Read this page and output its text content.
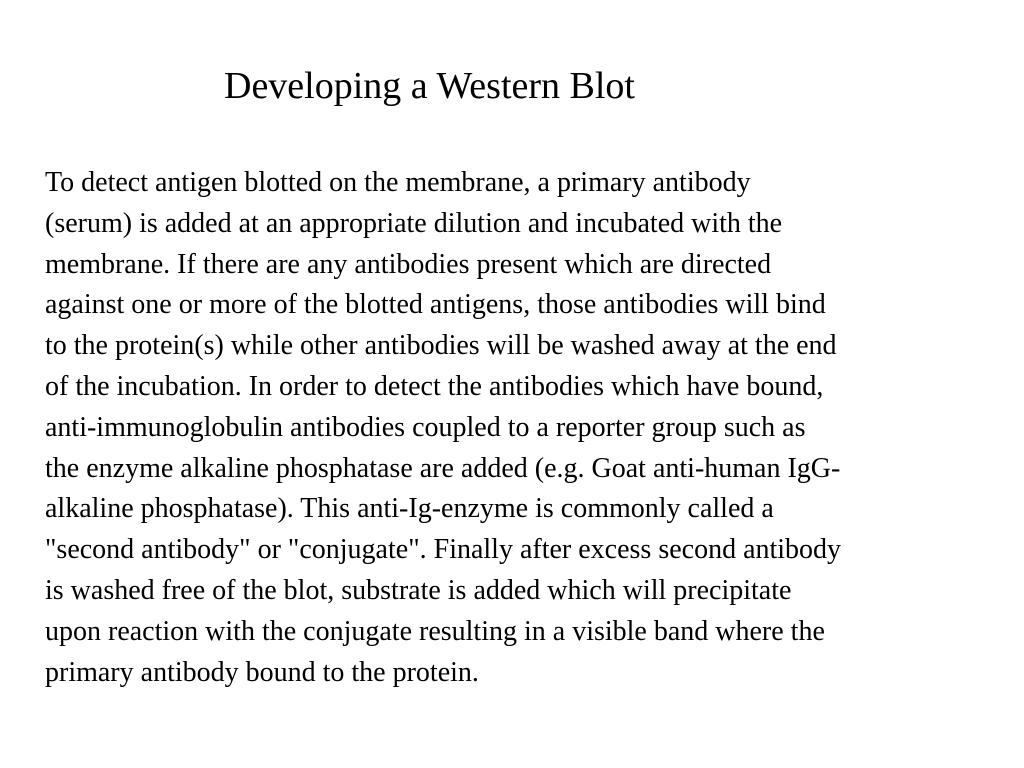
Developing a Western Blot

To detect antigen blotted on the membrane, a primary antibody
(serum) is added at an appropriate dilution and incubated with the
membrane. If there are any antibodies present which are directed
against one or more of the blotted antigens, those antibodies will bind
to the protein(s) while other antibodies will be washed away at the end
of the incubation. In order to detect the antibodies which have bound,
anti-immunoglobulin antibodies coupled to a reporter group such as
the enzyme alkaline phosphatase are added (e.g. Goat anti-human IgG-
alkaline phosphatase). This anti-Ig-enzyme is commonly called a
"second antibody" or "conjugate". Finally after excess second antibody
is washed free of the blot, substrate is added which will precipitate
upon reaction with the conjugate resulting in a visible band where the
primary antibody bound to the protein.
